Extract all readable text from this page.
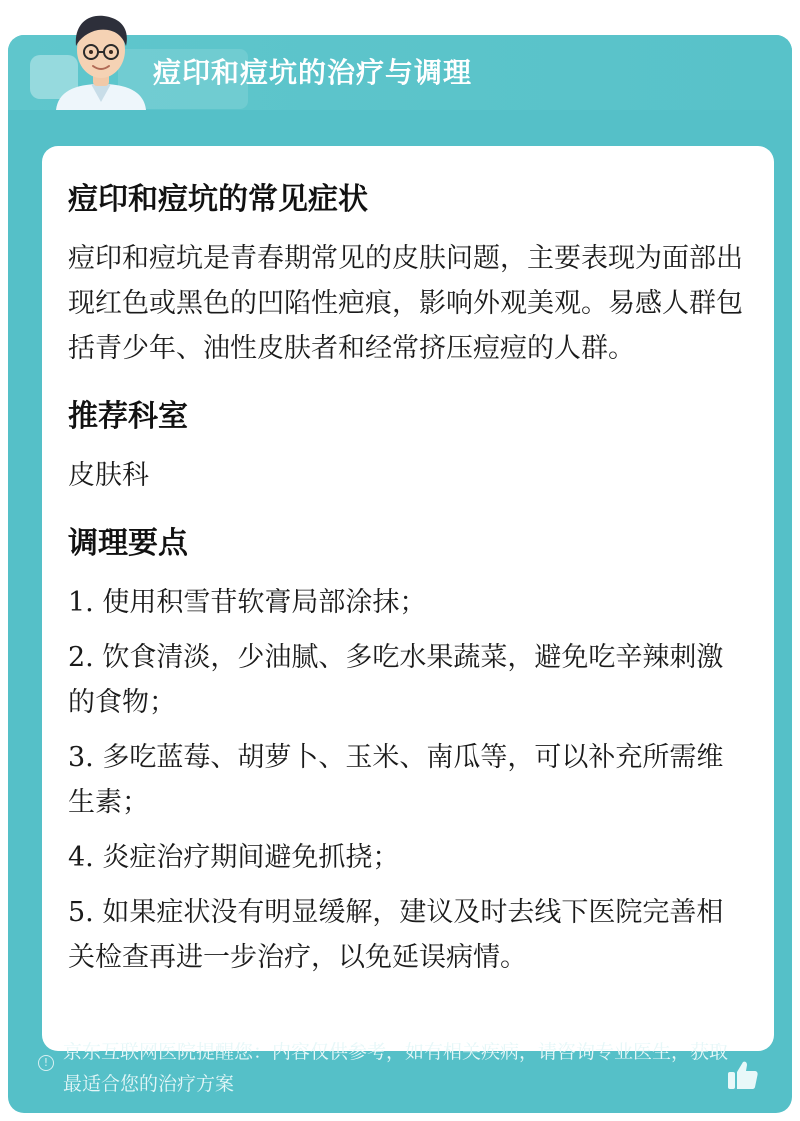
痘印和痘坑的治疗与调理
痘印和痘坑的常见症状
痘印和痘坑是青春期常见的皮肤问题，主要表现为面部出现红色或黑色的凹陷性疤痕，影响外观美观。易感人群包括青少年、油性皮肤者和经常挤压痘痘的人群。
推荐科室
皮肤科
调理要点
1. 使用积雪苷软膏局部涂抹；
2. 饮食清淡，少油腻、多吃水果蔬菜，避免吃辛辣刺激的食物；
3. 多吃蓝莓、胡萝卜、玉米、南瓜等，可以补充所需维生素；
4. 炎症治疗期间避免抓挠；
5. 如果症状没有明显缓解，建议及时去线下医院完善相关检查再进一步治疗，以免延误病情。
! 京东互联网医院提醒您：内容仅供参考，如有相关疾病，请咨询专业医生，获取最适合您的治疗方案
